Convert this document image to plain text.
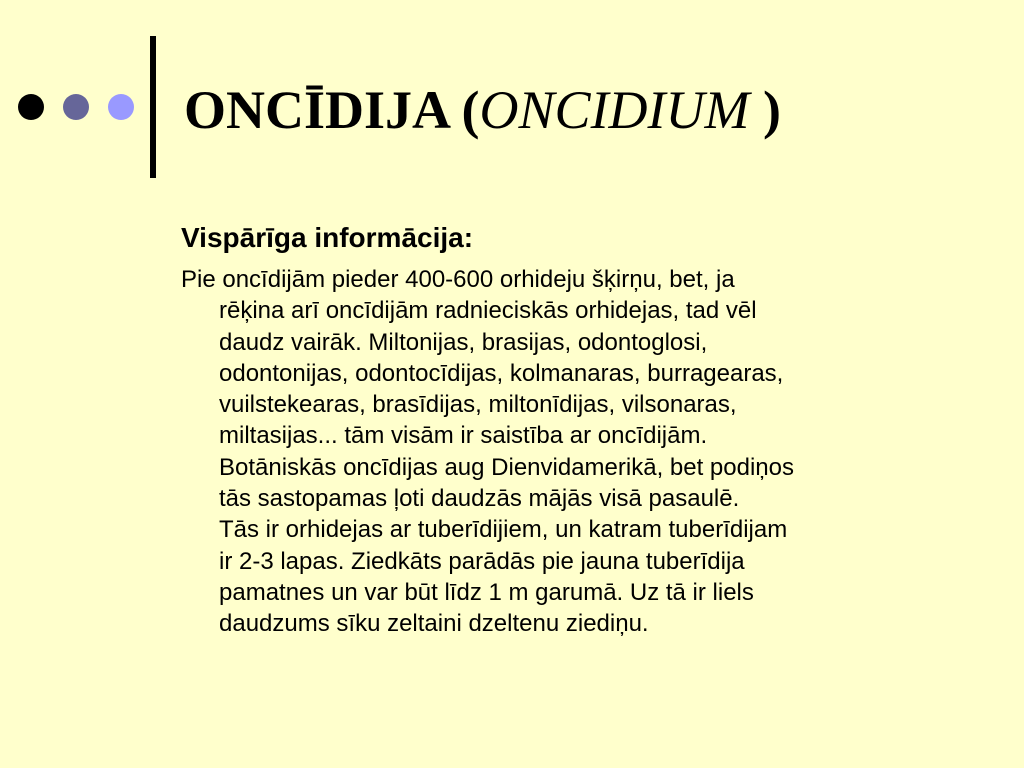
ONCĪDIJA (ONCIDIUM )
Vispārīga informācija:

Pie oncīdijām pieder 400-600 orhideju šķirņu, bet, ja
rēķina arī oncīdijām radnieciskās orhidejas, tad vēl
daudz vairāk. Miltonijas, brasijas, odontoglosi,
odontonijas, odontocīdijas, kolmanaras, burragearas,
vuilstekearas, brasīdijas, miltonīdijas, vilsonaras,
miltasijas... tām visām ir saistība ar oncīdijām.
Botāniskās oncīdijas aug Dienvidamerikā, bet podiņos
tās sastopamas ļoti daudzās mājās visā pasaulē.
Tās ir orhidejas ar tuberīdijiem, un katram tuberīdijam
ir 2-3 lapas. Ziedkāts parādās pie jauna tuberīdija
pamatnes un var būt līdz 1 m garumā. Uz tā ir liels
daudzums sīku zeltaini dzeltenu ziediņu.
